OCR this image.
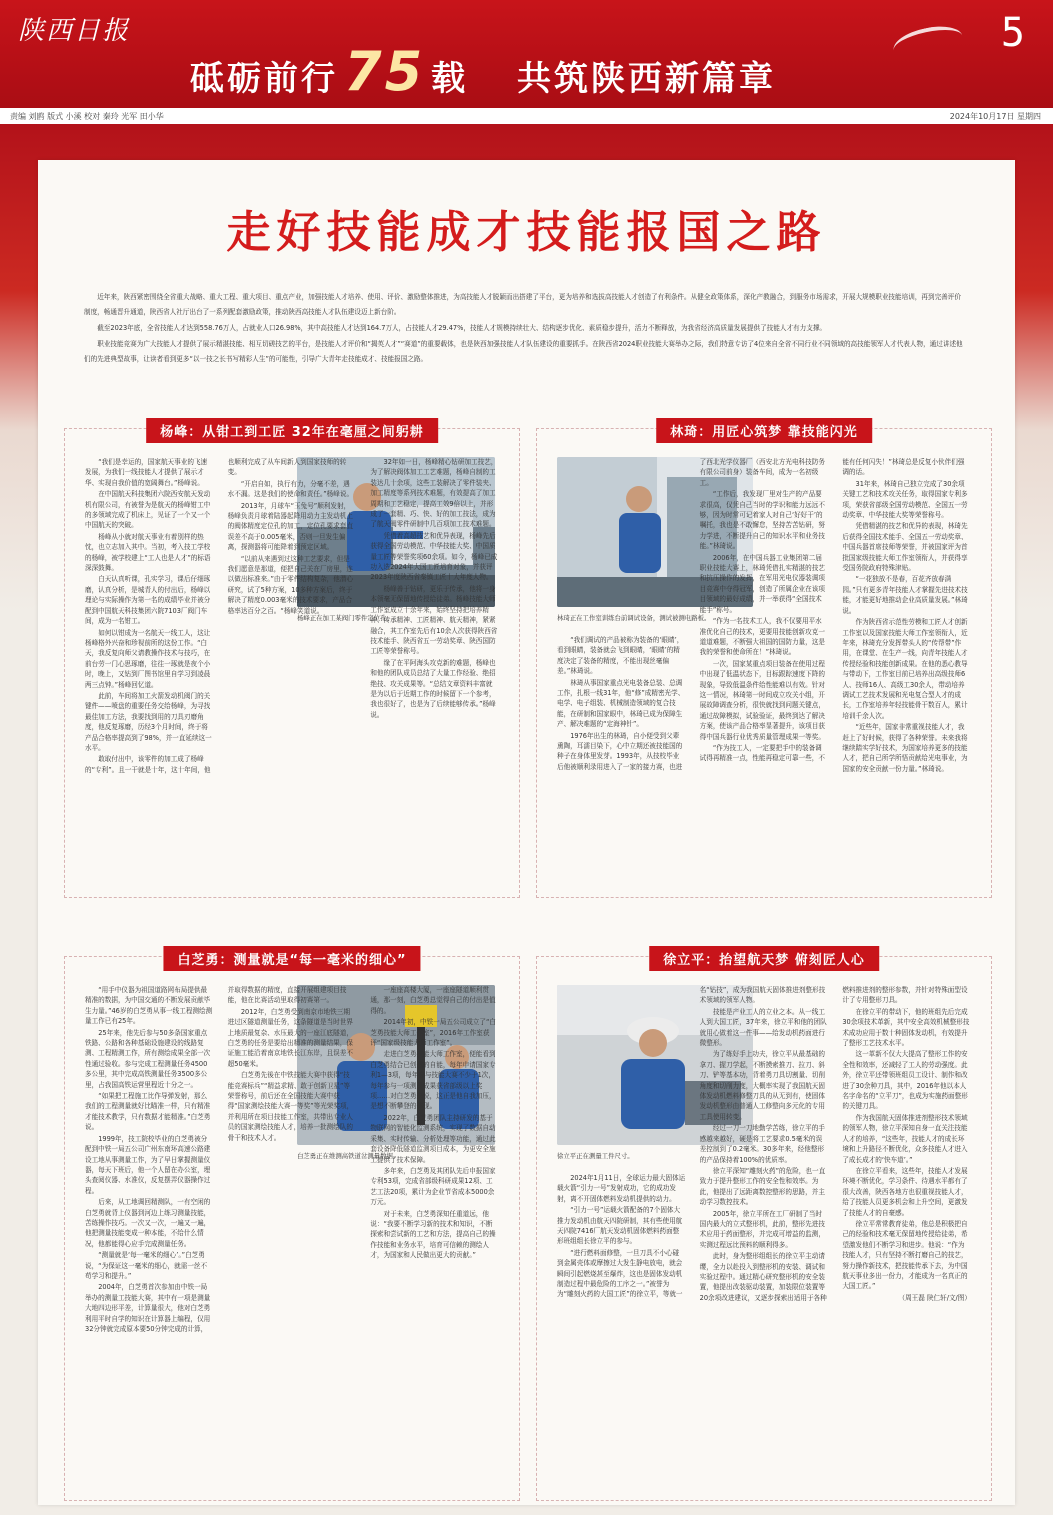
陕西日报
砥砺前行 75 载 共筑陕西新篇章
5
责编 刘鸥 版式 小溪 校对 秦玲 光军 田小华	2024年10月17日 星期四
走好技能成才技能报国之路

近年来，陕西紧密围绕全省重大战略、重大工程、重大项目、重点产业，加强技能人才培养、使用、评价、激励整体推进，为高技能人才脱颖而出搭建了平台，更为培养和选拔高技能人才创造了有利条件。从健全政策体系，深化产教融合，到服务市场需求，开展大规模职业技能培训，再到完善评价制度，畅通晋升通道，陕西省人社厅出台了一系列配套激励政策，推动陕西高技能人才队伍建设迈上新台阶。

截至2023年底，全省技能人才达到558.76万人，占就业人口26.98%，其中高技能人才达到164.7万人，占技能人才29.47%，技能人才规模持续壮大、结构逐步优化、素质稳步提升，活力不断释放，为我省经济高质量发展提供了技能人才有力支撑。

职业技能竞赛为广大技能人才提供了展示精湛技能、相互切磋技艺的平台，是技能人才评价和“揭英人才”“赛道”的重要载体，也是陕西加强技能人才队伍建设的重要抓手。在陕西省2024职业技能大赛举办之际，我们特意专访了4位来自全省不同行业不同领域的高技能领军人才代表人物，通过讲述他们的先进典型故事，让读者看到更多“以一技之长书写精彩人生”的可能性，引导广大青年走技能成才、技能报国之路。

杨峰：从钳工到工匠 32年在毫厘之间躬耕
杨峰正在加工某阀门零件定位孔。

“我们是幸运的，国家航天事业的飞速发展，为我们一线技能人才提供了展示才华、实现自我价值的宽阔舞台。”杨峰说。

在中国航天科技集团六院西安航天发动机有限公司，有被誉为是航天的杨峰钳工中的多领域完成了机床上，见证了一个又一个中国航天的突破。

杨峰从小就对航天事业有着别样的热忱，也立志加入其中。当初，考入技工学校的杨峰，被学校建上“工人也是人才”的标语深深鼓舞。

白天认真听课，孔实学习，课后仔细琢磨，认真分析，是城青人的付出后，杨峰以理论与实际操作为第一名的成绩毕业并被分配到中国航天科技集团六院7103厂阀门车间，成为一名钳工。

如何以钳成为一名航天一线工人，这让杨峰格外兴奋和珍视前所的这份工作。“白天，我反复向师父请教操作技术与技巧，在前台劳一门心思琢磨，往往一琢就是夜个小时，晚上，又钻到厂图书馆里自学习到凌晨两三点钟。”杨峰回忆道。

此前，车间将加工火箭发动机阀门的关键件——喷盘的重要任务交给杨峰，为寻找最佳加工方法，我要找到用的刀具刃磨角度，他反复琢磨，历经3个月时间，终于将产品合格率提高到了98%，并一直延续这一水平。

敢取付出中，该零件的加工成了杨峰的“专利”。且一干就是十年，这十年间，他也顺利完成了从车间新人到国家技师的转变。

“开启自如，执行有力，分毫不差，遇水不漏。这是我们的使命和责任。”杨峰说。

2013年，月球车“玉兔号”顺利发射，杨峰负责月球着陆器起降用动力主发动机上的阀体精度定位孔的加工，定位孔要求套直误差不高于0.005毫米，否则一旦发生偏离，探测器将可能降着到预定区域。

“以前从来遇到过这种工艺要求，但是我们愿意是那道，便把自己关在厂房里，连以做出标准来。”由于零件结构复杂，他潜心研究，试了5种方案，10多种方案后，终于解决了精度0.003毫米的技术要求，产品合格率达百分之百。“杨峰笑道说。

32年如一日，杨峰精心钻研加工技艺，为了解决阀体加工工艺难题，杨峰自制的工装达几十余项，这些工装解决了零件装夹、加工精度等系列技术难题，有效提高了加工周期和工艺稳定，提高工效9倍以上，并形成了一套精、巧、快、好的加工技法，成为了航天阀零件研制中几百项加工技术难题。

凭借着高超技艺和优异表现，杨峰先后获得全国劳动模范、中华技能大奖、中国质量工匠等荣誉奖项60余项。如今，杨峰已成功入选2024年大国工匠培育对象，并获评2023年度陕西省秦镇工匠十大年度人物。

杨峰善于钻研，更乐于传承，他将一身本领毫无保留地传授给徒弟。杨峰技能大师工作室成立十余年来，始终坚持把培养精神、传承精神、工匠精神、航天精神，紧紧融合，其工作室先后有10余人次获得陕西省技术能手、陕西省五一劳动奖章、陕西国防工匠等荣誉称号。

缘了在平阿海头攻克新的难题，杨峰也和他的团队成员总结了大量工作经验、绝招绝技、攻关成果等。“总结文章资料丰富就是为以后于近期工作的时候留下一个参考，我也很好了，也是为了后续能够传承。”杨峰说。

林琦：用匠心筑梦 靠技能闪光
林琦正在工作室训练台前调试设备，测试被测电路板。

“我们调试的产品被称为装备的‘眼睛’，看到眼睛，装备就会飞到眼睛，‘眼睛’的精度决定了装备的精度，不能出现丝毫偏差。”林琦说。

林琦从事国家重点光电装备总装、总调工作，扎根一线31年，他“修”成精密光学、电学、电子组装、机械制造领域的复合技能，在研制和国家眼中，林琦已成为保障生产、解决难题的“定海神针”。

1976年出生的林琦，自小便受到父辈熏陶，耳濡目染下，心中立期还被技能国的种子在身体里发芽。1993年，从技校毕业后他被顺利录用进入了一家的接力赛，也进了西北光学仪器厂（西安北方光电科技防务有限公司前身）装备车间，成为一名初级工。

“工作后，我发现厂里对生产的产品要求很高，仅凭自己当时的学识和能力远远不够，因为时常可记着家人对自己‘好好干’的嘱托，我也是不敢懈怠，坚持苦苦钻研，努力学进，不断提升自己的知识水平和业务技能。”林琦说。

2006年，在中国兵器工业集团第二届职业技能大赛上，林琦凭借扎实精湛的技艺和抗压操作的发挥，在军用光电仪器装调项目竞赛中夺得冠军，创造了所属企业在该项目领域的最好成绩，并一举获得“全国技术能手”称号。

“作为一名技术工人，我不仅要用平水准优化自己的技术，更要用技能创新攻克一道道难题，不断强大祖国的国防力量，这是我的荣誉和使命所在！”林琦说。

一次，国家某重点项目装备在使用过程中出现了低温状态下，目标跟踪速度下降的现象，导致低温条件给性能难以有效。针对这一情况，林琦第一时间成立攻关小组，开展故障调查分析，很快就找到问题关键点，通过故障模拟，试验验证，最终到达了解决方案，使该产品合格率显著提升，该项目获得中国兵器行业优秀质量管理成果一等奖。

“作为技工人，一定要把手中的装备调试得再精准一点，性能再稳定可靠一些，不能有任何闪失！”林琦总是反复小伙伴们强调的话。

31年来，林琦自己独立完成了30余项关键工艺和技术攻关任务，取得国家专利多项，荣获省部级全国劳动模范、全国五一劳动奖章、中华技能大奖等荣誉称号。

凭借精湛的技艺和优异的表现，林琦先后获得全国技术能手、全国五一劳动奖章、中国兵器首席技师等荣誉，并被国家评为首批国家级技能大师工作室领衔人，并获得享受国务院政府特殊津贴。

“一花独放不是春，百花齐放春满园。”只有更多青年技能人才掌握先进技术技能，才能更好地推动企业高质量发展。”林琦说。

作为陕西省示范性劳模和工匠人才创新工作室以及国家技能大师工作室领衔人，近年来，林琦充分发挥带头人的“传帮带”作用，在课堂、在生产一线，向青年技能人才传授经验和技能创新成果。在他的悉心教导与带动下，工作室目前已培养出高级技师6人、技师16人、高级工30余人，带动培养调试工艺技术发展和光电复合型人才的成长，工作室培养年轻技能骨干数百人，累计培训千余人次。

“近些年，国家非常重视技能人才，我赶上了好时候，获得了各种荣誉。未来我将继续踏实学好技术，为国家培养更多的技能人才，把自己所学所悟贡献给光电事业，为国家的安全贡献一份力量。”林琦说。

白芝勇：测量就是“每一毫米的细心”
白芝勇正在维测高铁道岔测量数据。

“用手中仪器为祖国道路网布局提供最精准的数据，为中国交通的不断发展贡献毕生力量。”46岁的白芝勇从事一线工程测绘测量工作已有25年。

25年来，他先后参与50多条国家重点铁路、公路和各种基础设施建设的线路复测、工程精测工作，所有测绘成果全部一次性通过验收。参与完成工程测量任务4500多公里，其中完成高铁测量任务3500多公里，占我国高铁运营里程近十分之一。

“如果把工程施工比作导弹发射，那么我们的工程测量就好比瞄准一样，只有精准才能技术教学，只有数据才能精准。”白芝勇说。

1999年，技工院校毕业的白芝勇被分配到中铁一局五公司广州东南环高速公路建设工地从事测量工作，为了早日掌握测量仪器，每天下班后，他一个人留在办公室，埋头查阅仪器、水准仪，反复摆弄仪器操作过程。

后来，从工地调回精测队，一有空闲的白芝勇就背上仪器到河边上练习测量技能，苦练操作技巧。一次又一次，一遍又一遍，他把测量技能变成一种本能，不给什么情况，他都能得心应手完成测量任务。

“测量就是‘每一毫米的细心’。”白芝勇说，“为保证这一毫米的细心，就需一丝不苟学习和提升。”

2004年，白芝勇首次参加由中铁一局举办的测量工技能大赛，其中有一项是测量大地四边形平差，计算量很大，他对白芝勇利用平时自学的知识在计算器上编程，仅用32分钟就完成原本要50分钟完成的计算，并取得数据的精度，直接开展组建项目技能，他在比赛活动里取得初赛第一。

2012年，白芝勇受到南京市地铁三期进过区隧道测量任务，这条隧道是当时世界上地质最复杂、水压最大的一座江底隧道，白芝勇的任务是要给出精准的测量结果，保证施工能沿着南京地铁长江东岸，且误差不超50毫米。

白芝勇先後在中铁技能大赛中获得“技能竞赛标兵”“精益求精、敢于创新卫星”等荣誉称号，前后还在全国技能大赛中获得“国家测绘技能大赛一等奖”等光荣奖项，并利用所在项目技能工作室，共带出专业人员的国家测绘技能人才，培养一批测绘队的骨干和技术人才。

一座座高楼大厦，一座座隧道顺利贯通，那一刻，白芝勇总觉得自己的付出是值得的。

2014年初，中铁一局五公司成立了“白芝勇技能大师工作室”，2016年工作室获评“国家级技能大师工作室”。

走进白芝勇技能大师工作室，便能看到白芝勇结合已创造的自能，每年申请国家专利1—3项，每年参与技能大赛不少于1次，每年参与一项测量成果获省部级以上奖项……对白芝勇来说，这正是他自我加压，是想不断攀登的体现。

2022年，白芝勇团队主持研发的基于物联网的智能化监测系统，实现了数据自动采集、实时传输、分析处理等功能，通过此套设备降低隧道监测项目成本，为更安全施工提供了技术保障。

多年来，白芝勇及其团队先后申报国家专利53项，完成省部级科研成果12项、工艺工法20项，累计为企业节省成本5000余万元。

对于未来，白芝勇深知任重道远，他说：“我要不断学习新的技术和知识，不断探索和尝试新的工艺和方法，提高自己的操作技能和业务水平，培育可信赖的测绘人才，为国家和人民做出更大的贡献。”

徐立平：抬望航天梦 俯刻匠人心
徐立平正在测量工件尺寸。

2024年1月11日，全球运力最大固体运载火箭“引力一号”发射成功，它的成功发射，离不开固体燃料发动机提供的动力。

“引力一号”运载火箭配备的7个固体大推力发动机由航天四院研制，其有些使用航天四院7416厂航天发动机固体燃料药面整形班组组长徐立平的参与。

“进行燃料面修整，一旦刀具不小心碰到金属壳体或摩擦过大发生静电放电，就会瞬间引起燃烧甚至爆炸，这也是固体发动机制造过程中最危险的工序之一。”被誉为为“雕刻火药的大国工匠”的徐立平，等就一名“钻技”，成为我国航天固体推进剂整形技术领域的领军人物。

技能是产业工人的立业之本。从一线工人到大国工匠，37年来，徐立平和他的团队就用心做着这一件事——给发动机药面进行微整形。

为了练好手上功夫，徐立平从最基础的拿刀、握刀学起，不断摸索推刀、拉刀、斜刀、铲等基本功，背着勇刀具切割量、切削角度和切削力度，大概率实现了我国航天固体发动机燃料修整刀具的从无到有，使固体发动机整形由普通人工修整向多元化的专用工具使用转变。

经过一刀一刀地勤学苦练，徐立平的手感越来越好，硬是将工艺要求0.5毫米的误差控制到了0.2毫米。30多年来，经他整形的产品保持着100%的优质率。

徐立平深知“雕刻火药”的危险，也一直致力于提升整形工作的安全性和效率。为此，他提出了远距离数控整形的思路，并主动学习数控技术。

2005年，徐立平所在工厂研制了当时国内最大的立式整形机，此前，整形先进技术应用于药面整形，并完成可增益的监测，实测过程远比预料的顺利得多。

此时，身为整形组组长的徐立平主动请缨，全力以赴投入到整形机的安装、调试和实验过程中。通过精心研究整形机的安全装置，他提出改装驱动装置，加装限位装置等20余项改进建议，又逐步探索出适用于各种燃料推进剂的整形参数，并针对特殊面型设计了专用整形刀具。

在徐立平的带动下，他的班组先后完成30余项技术革新，其中安全高效机械整形技术成功应用于数十种固体发动机，有效提升了整形工艺技术水平。

这一革新不仅大大提高了整形工作的安全性和效率，还减轻了工人的劳动强度。此外，徐立平还带领班组员工设计、制作和改进了30余种刀具，其中，2016年他以本人名字命名的“立平刀”，也成为实施药面整形的关键刀具。

作为我国航天固体推进剂整形技术领域的领军人物，徐立平深知自身一直关注技能人才的培养，“这些年，技能人才的成长环境和上升路径不断优化，众多技能人才进入了成长成才的‘快车道’。”

在徐立平看来，这些年，技能人才发展环境不断优化，学习条件、待遇水平都有了很大改善，陕西各地方也很重视技能人才，给了技能人员更多机会和上升空间，更激发了技能人才的自豪感。

徐立平常常教育徒弟，他总是积极把自己的经验和技术毫无保留地传授给徒弟，希望激发他们不断学习和进步。他说：“作为技能人才，只有坚持不断打磨自己的技艺，努力操作新技术，把技能传承下去，为中国航天事业多出一份力，才能成为一名真正的大国工匠。”

（周王磊 陕仁轩/文/图）
